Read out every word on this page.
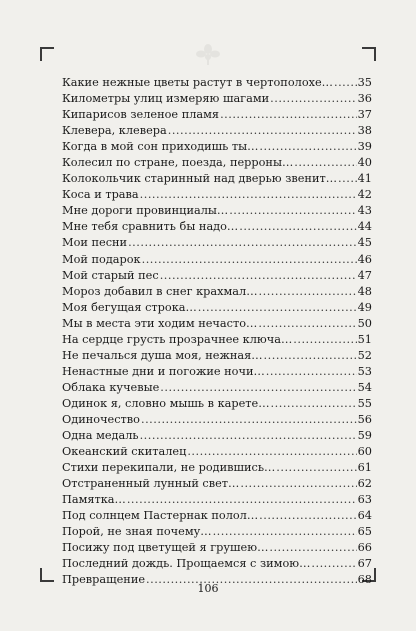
Какие нежные цветы растут в чертополохе… ..... 35
Километры улиц измеряю шагами .....	36
Кипарисов зеленое пламя .....	37
Клевера, клевера .....	38
Когда в мой сон приходишь ты… .....	39
Колесил по стране, поезда, перроны… .....	40
Колокольчик старинный над дверью звенит… ..... 41
Коса и трава .....	42
Мне дороги провинциалы… .....	43
Мне тебя сравнить бы надо… .....	44
Мои песни .....	45
Мой подарок .....	46
Мой старый пес .....	47
Мороз добавил в снег крахмал… .....	48
Моя бегущая строка… .....	49
Мы в места эти ходим нечасто… .....	50
На сердце грусть прозрачнее ключа… .....	51
Не печалься душа моя, нежная… .....	52
Ненастные дни и погожие ночи… .....	53
Облака кучевые .....	54
Одинок я, словно мышь в карете… .....	55
Одиночество .....	56
Одна медаль .....	59
Океанский скиталец .....	60
Стихи перекипали, не родившись… .....	61
Отстраненный лунный свет… .....	62
Памятка… .....	63
Под солнцем Пастернак полол… .....	64
Порой, не зная почему… .....	65
Посижу под цветущей я грушею… .....	66
Последний дождь. Прощаемся с зимою… .....	67
Превращение .....	68
106
